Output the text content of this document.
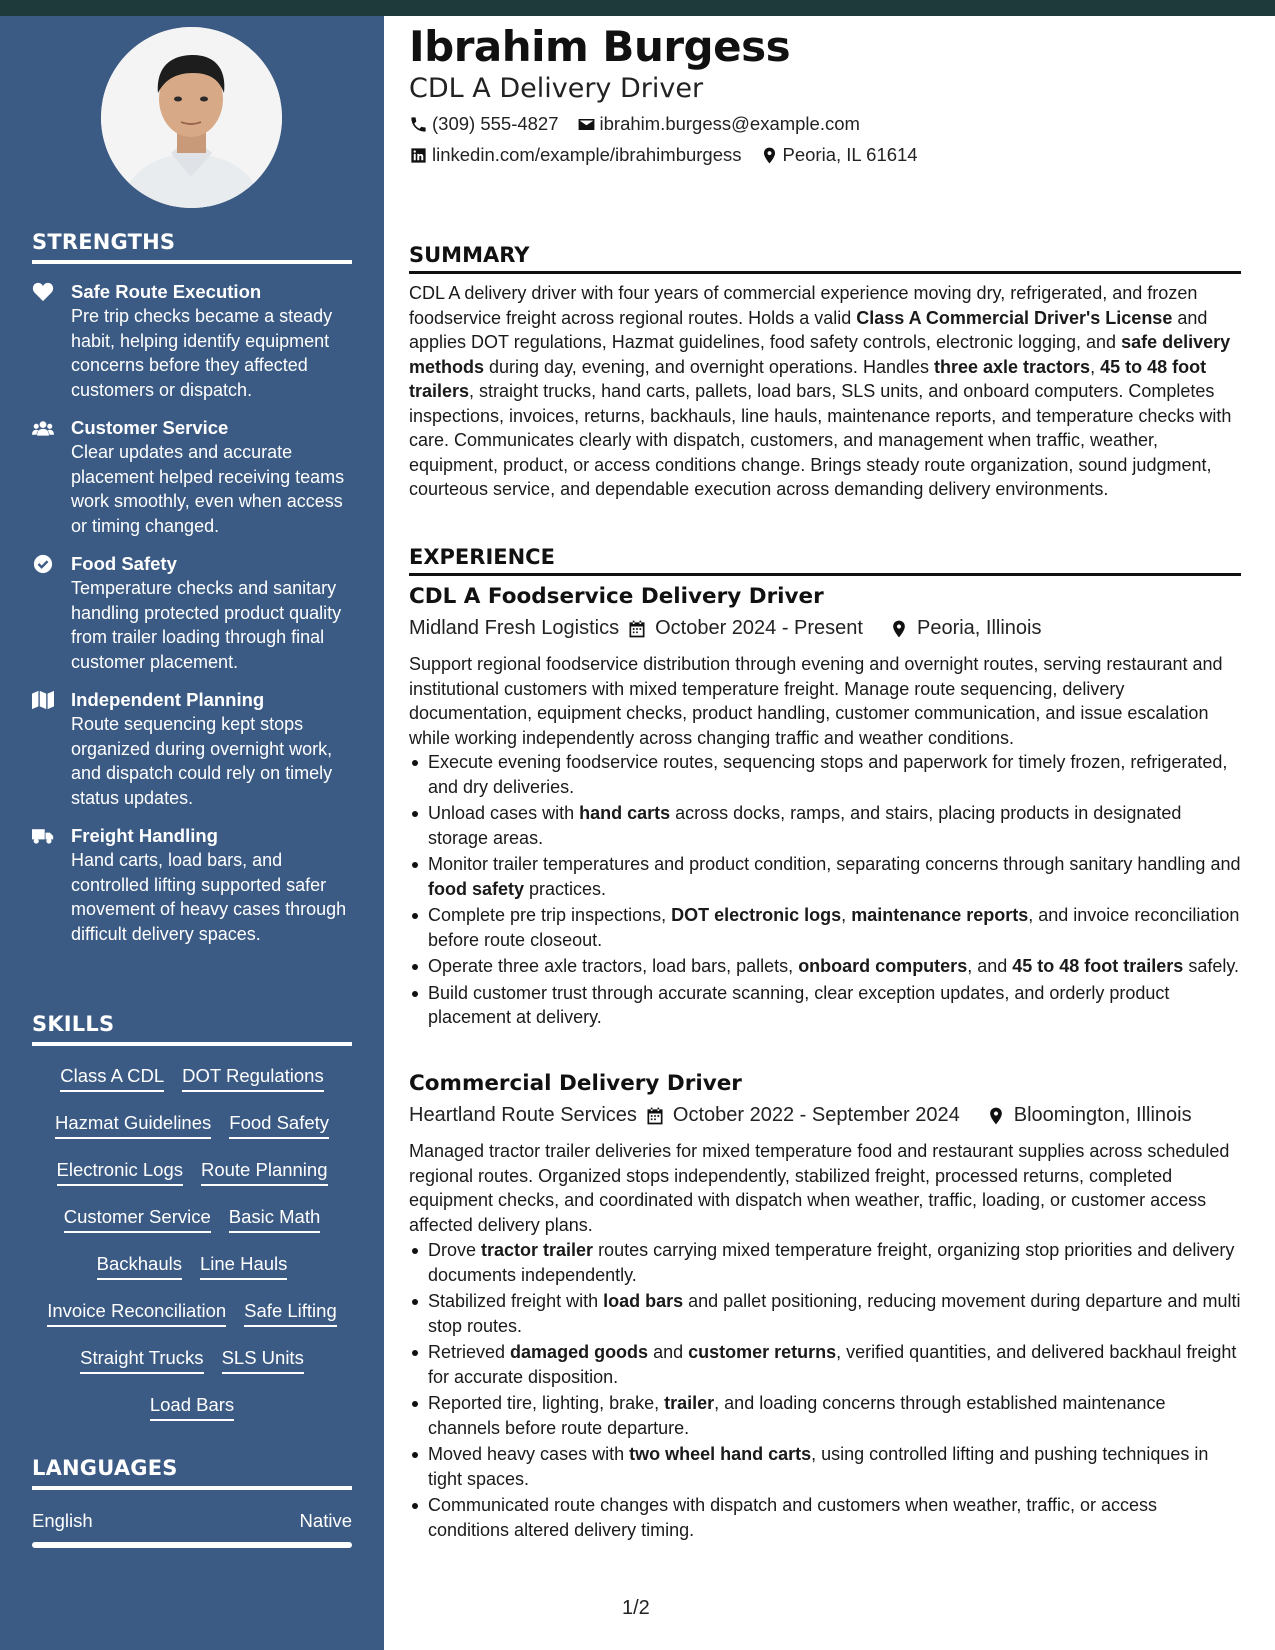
STRENGTHS
Safe Route Execution
Pre trip checks became a steady habit, helping identify equipment concerns before they affected customers or dispatch.
Customer Service
Clear updates and accurate placement helped receiving teams work smoothly, even when access or timing changed.
Food Safety
Temperature checks and sanitary handling protected product quality from trailer loading through final customer placement.
Independent Planning
Route sequencing kept stops organized during overnight work, and dispatch could rely on timely status updates.
Freight Handling
Hand carts, load bars, and controlled lifting supported safer movement of heavy cases through difficult delivery spaces.
SKILLS
Class A CDL DOT Regulations
Hazmat Guidelines Food Safety
Electronic Logs Route Planning
Customer Service Basic Math
Backhauls Line Hauls
Invoice Reconciliation Safe Lifting
Straight Trucks SLS Units
Load Bars
LANGUAGES
English	Native
Ibrahim Burgess
CDL A Delivery Driver
(309) 555-4827 ibrahim.burgess@example.com
linkedin.com/example/ibrahimburgess Peoria, IL 61614
SUMMARY
CDL A delivery driver with four years of commercial experience moving dry, refrigerated, and frozen foodservice freight across regional routes. Holds a valid Class A Commercial Driver's License and applies DOT regulations, Hazmat guidelines, food safety controls, electronic logging, and safe delivery methods during day, evening, and overnight operations. Handles three axle tractors, 45 to 48 foot trailers, straight trucks, hand carts, pallets, load bars, SLS units, and onboard computers. Completes inspections, invoices, returns, backhauls, line hauls, maintenance reports, and temperature checks with care. Communicates clearly with dispatch, customers, and management when traffic, weather, equipment, product, or access conditions change. Brings steady route organization, sound judgment, courteous service, and dependable execution across demanding delivery environments.
EXPERIENCE
CDL A Foodservice Delivery Driver
Midland Fresh Logistics October 2024 - Present	Peoria, Illinois
Support regional foodservice distribution through evening and overnight routes, serving restaurant and institutional customers with mixed temperature freight. Manage route sequencing, delivery documentation, equipment checks, product handling, customer communication, and issue escalation while working independently across changing traffic and weather conditions.
Execute evening foodservice routes, sequencing stops and paperwork for timely frozen, refrigerated, and dry deliveries.
Unload cases with hand carts across docks, ramps, and stairs, placing products in designated storage areas.
Monitor trailer temperatures and product condition, separating concerns through sanitary handling and food safety practices.
Complete pre trip inspections, DOT electronic logs, maintenance reports, and invoice reconciliation before route closeout.
Operate three axle tractors, load bars, pallets, onboard computers, and 45 to 48 foot trailers safely.
Build customer trust through accurate scanning, clear exception updates, and orderly product placement at delivery.
Commercial Delivery Driver
Heartland Route Services October 2022 - September 2024	Bloomington, Illinois
Managed tractor trailer deliveries for mixed temperature food and restaurant supplies across scheduled regional routes. Organized stops independently, stabilized freight, processed returns, completed equipment checks, and coordinated with dispatch when weather, traffic, loading, or customer access affected delivery plans.
Drove tractor trailer routes carrying mixed temperature freight, organizing stop priorities and delivery documents independently.
Stabilized freight with load bars and pallet positioning, reducing movement during departure and multi stop routes.
Retrieved damaged goods and customer returns, verified quantities, and delivered backhaul freight for accurate disposition.
Reported tire, lighting, brake, trailer, and loading concerns through established maintenance channels before route departure.
Moved heavy cases with two wheel hand carts, using controlled lifting and pushing techniques in tight spaces.
Communicated route changes with dispatch and customers when weather, traffic, or access conditions altered delivery timing.
1/2
